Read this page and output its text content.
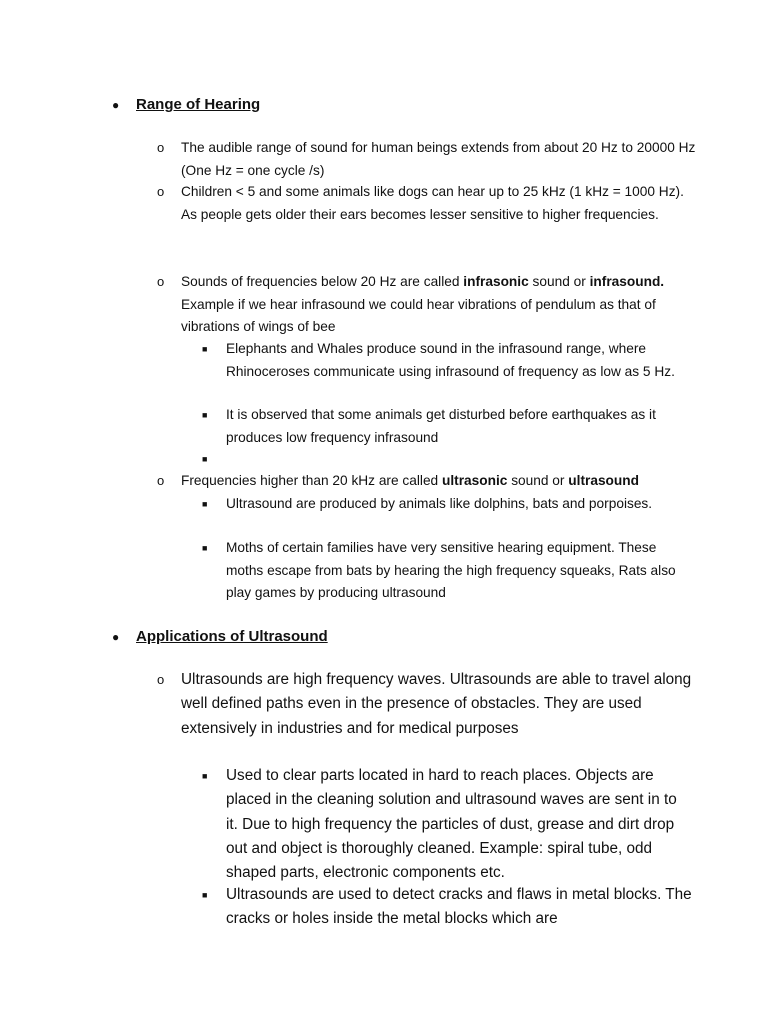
● Range of Hearing
o The audible range of sound for human beings extends from about 20 Hz to 20000 Hz (One Hz = one cycle /s)
o Children < 5 and some animals like dogs can hear up to 25 kHz (1 kHz = 1000 Hz). As people gets older their ears becomes lesser sensitive to higher frequencies.
o Sounds of frequencies below 20 Hz are called infrasonic sound or infrasound. Example if we hear infrasound we could hear vibrations of pendulum as that of vibrations of wings of bee
■ Elephants and Whales produce sound in the infrasound range, where Rhinoceroses communicate using infrasound of frequency as low as 5 Hz.
■ It is observed that some animals get disturbed before earthquakes as it produces low frequency infrasound
■
o Frequencies higher than 20 kHz are called ultrasonic sound or ultrasound
■ Ultrasound are produced by animals like dolphins, bats and porpoises.
■ Moths of certain families have very sensitive hearing equipment. These moths escape from bats by hearing the high frequency squeaks, Rats also play games by producing ultrasound
● Applications of Ultrasound
o Ultrasounds are high frequency waves. Ultrasounds are able to travel along well defined paths even in the presence of obstacles. They are used extensively in industries and for medical purposes
■ Used to clear parts located in hard to reach places. Objects are placed in the cleaning solution and ultrasound waves are sent in to it. Due to high frequency the particles of dust, grease and dirt drop out and object is thoroughly cleaned. Example: spiral tube, odd shaped parts, electronic components etc.
■ Ultrasounds are used to detect cracks and flaws in metal blocks. The cracks or holes inside the metal blocks which are
